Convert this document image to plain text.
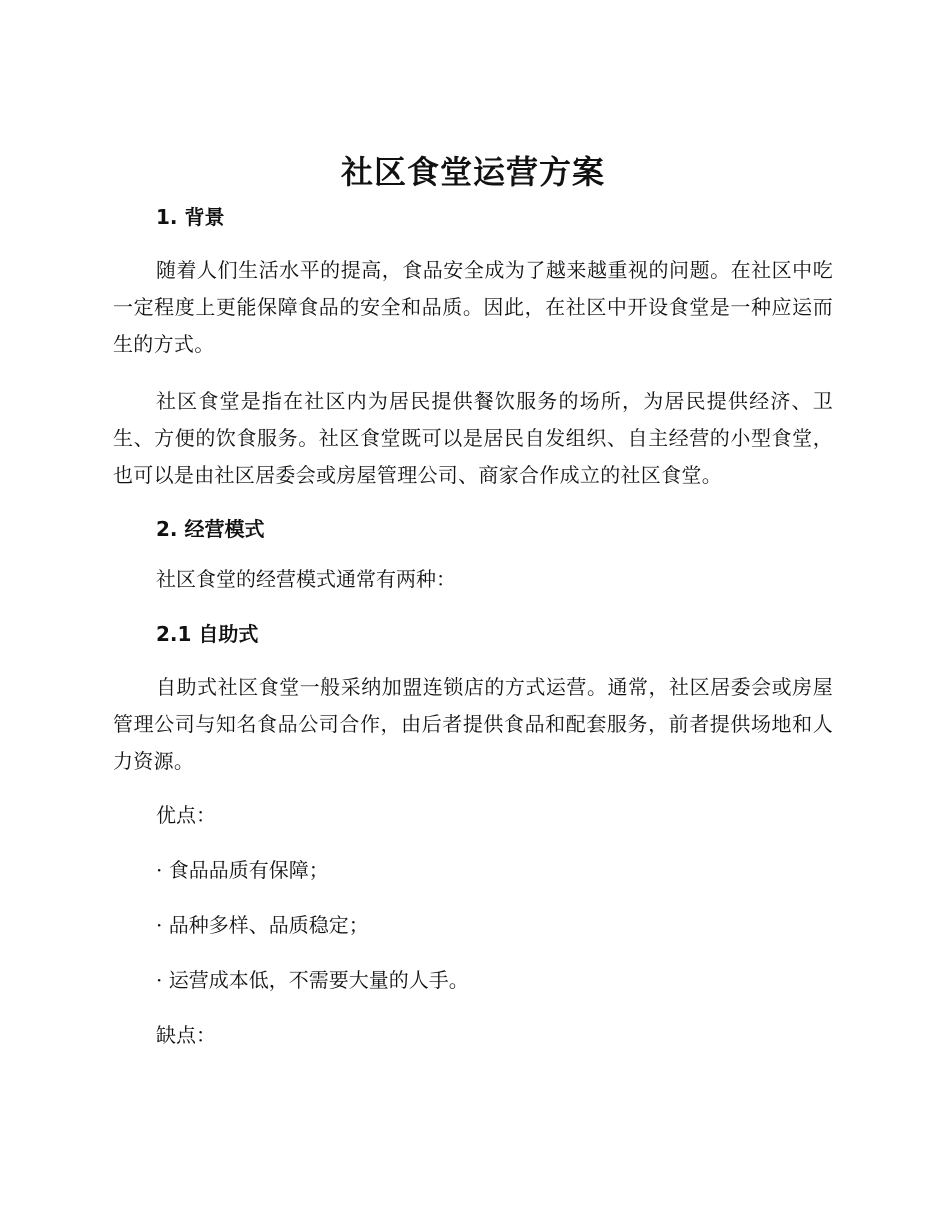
社区食堂运营方案
1. 背景

随着人们生活水平的提高，食品安全成为了越来越重视的问题。在社区中吃一定程度上更能保障食品的安全和品质。因此，在社区中开设食堂是一种应运而生的方式。

社区食堂是指在社区内为居民提供餐饮服务的场所，为居民提供经济、卫生、方便的饮食服务。社区食堂既可以是居民自发组织、自主经营的小型食堂，也可以是由社区居委会或房屋管理公司、商家合作成立的社区食堂。

2. 经营模式

社区食堂的经营模式通常有两种：

2.1 自助式

自助式社区食堂一般采纳加盟连锁店的方式运营。通常，社区居委会或房屋管理公司与知名食品公司合作，由后者提供食品和配套服务，前者提供场地和人力资源。

优点：

· 食品品质有保障；

· 品种多样、品质稳定；

· 运营成本低，不需要大量的人手。

缺点：
